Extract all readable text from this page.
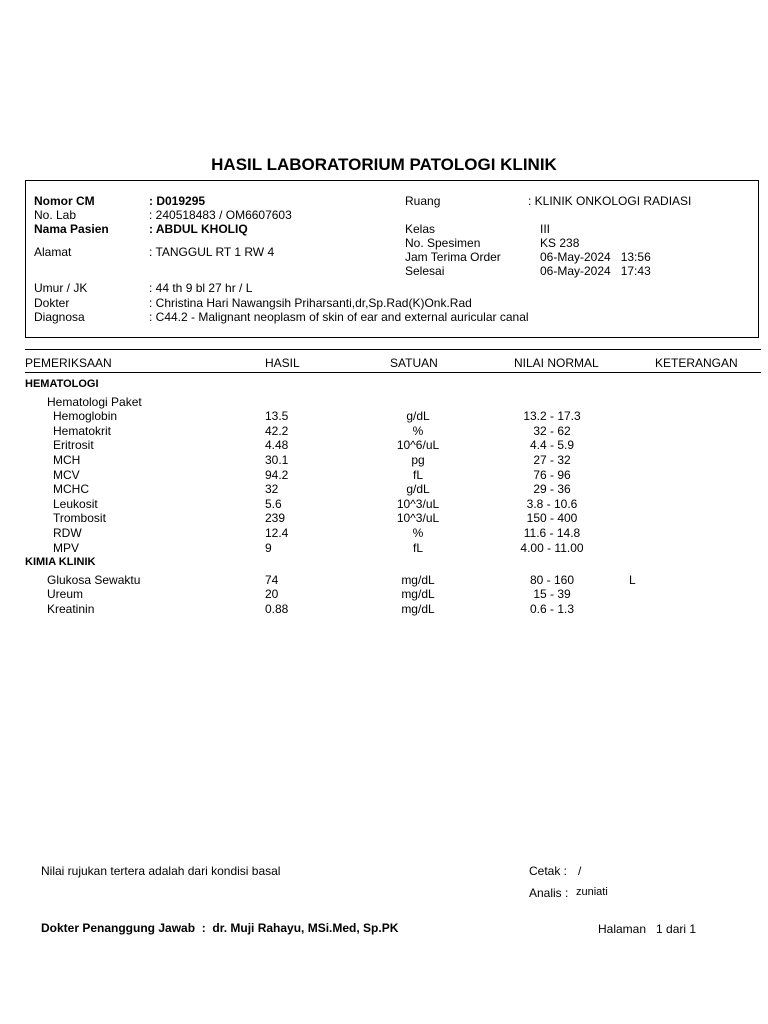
HASIL LABORATORIUM PATOLOGI KLINIK
Nomor CM	: D019295
No. Lab	: 240518483 / OM6607603
Nama Pasien	: ABDUL KHOLIQ
Alamat	: TANGGUL RT 1 RW 4
Umur / JK	: 44 th 9 bl 27 hr / L
Dokter	: Christina Hari Nawangsih Priharsanti,dr,Sp.Rad(K)Onk.Rad
Diagnosa	: C44.2 - Malignant neoplasm of skin of ear and external auricular canal
Ruang	: KLINIK ONKOLOGI RADIASI
Kelas	III
No. Spesimen	KS 238
Jam Terima Order	06-May-2024   13:56
Selesai	06-May-2024   17:43
PEMERIKSAAN	HASIL	SATUAN	NILAI NORMAL	KETERANGAN
HEMATOLOGI
Hematologi Paket
Hemoglobin	13.5	g/dL	13.2 - 17.3
Hematokrit	42.2	%	32 - 62
Eritrosit	4.48	10^6/uL	4.4 - 5.9
MCH	30.1	pg	27 - 32
MCV	94.2	fL	76 - 96
MCHC	32	g/dL	29 - 36
Leukosit	5.6	10^3/uL	3.8 - 10.6
Trombosit	239	10^3/uL	150 - 400
RDW	12.4	%	11.6 - 14.8
MPV	9	fL	4.00 - 11.00
KIMIA KLINIK
Glukosa Sewaktu	74	mg/dL	80 - 160	L
Ureum	20	mg/dL	15 - 39
Kreatinin	0.88	mg/dL	0.6 - 1.3
Nilai rujukan tertera adalah dari kondisi basal	Cetak : /
Analis : zuniati
Dokter Penanggung Jawab  :  dr. Muji Rahayu, MSi.Med, Sp.PK	Halaman   1 dari 1
